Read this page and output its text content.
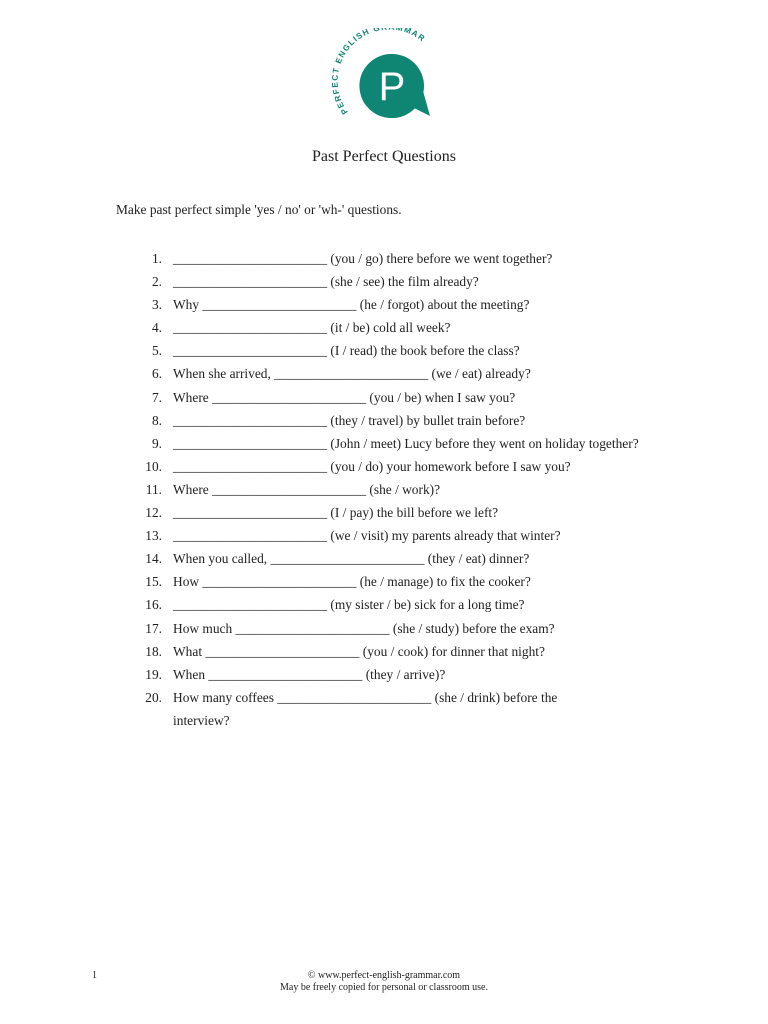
PERFECT ENGLISH G MMAR
P
Past Perfect Questions
Make past perfect simple 'yes / no' or 'wh-' questions.
1.
_______________________ (you / go) there before we went together?
2.
_______________________ (she / see) the film already?
3.
Why _______________________ (he / forgot) about the meeting?
4.
_______________________ (it / be) cold all week?
5.
_______________________ (I / read) the book before the class?
6.
When she arrived, _______________________ (we / eat) already?
7.
Where _______________________ (you / be) when I saw you?
8.
_______________________ (they / travel) by bullet train before?
9.
_______________________ (John / meet) Lucy before they went on holiday together?
10.
_______________________ (you / do) your homework before I saw you?
11.
Where _______________________ (she / work)?
12.
_______________________ (I / pay) the bill before we left?
13.
_______________________ (we / visit) my parents already that winter?
14.
When you called, _______________________ (they / eat) dinner?
15.
How _______________________ (he / manage) to fix the cooker?
16.
_______________________ (my sister / be) sick for a long time?
17.
How much _______________________ (she / study) before the exam?
18.
What _______________________ (you / cook) for dinner that night?
19.
When _______________________ (they / arrive)?
20.
How many coffees _______________________ (she / drink) before the interview?
1	© www.perfect-english-grammar.com
May be freely copied for personal or classroom use.
